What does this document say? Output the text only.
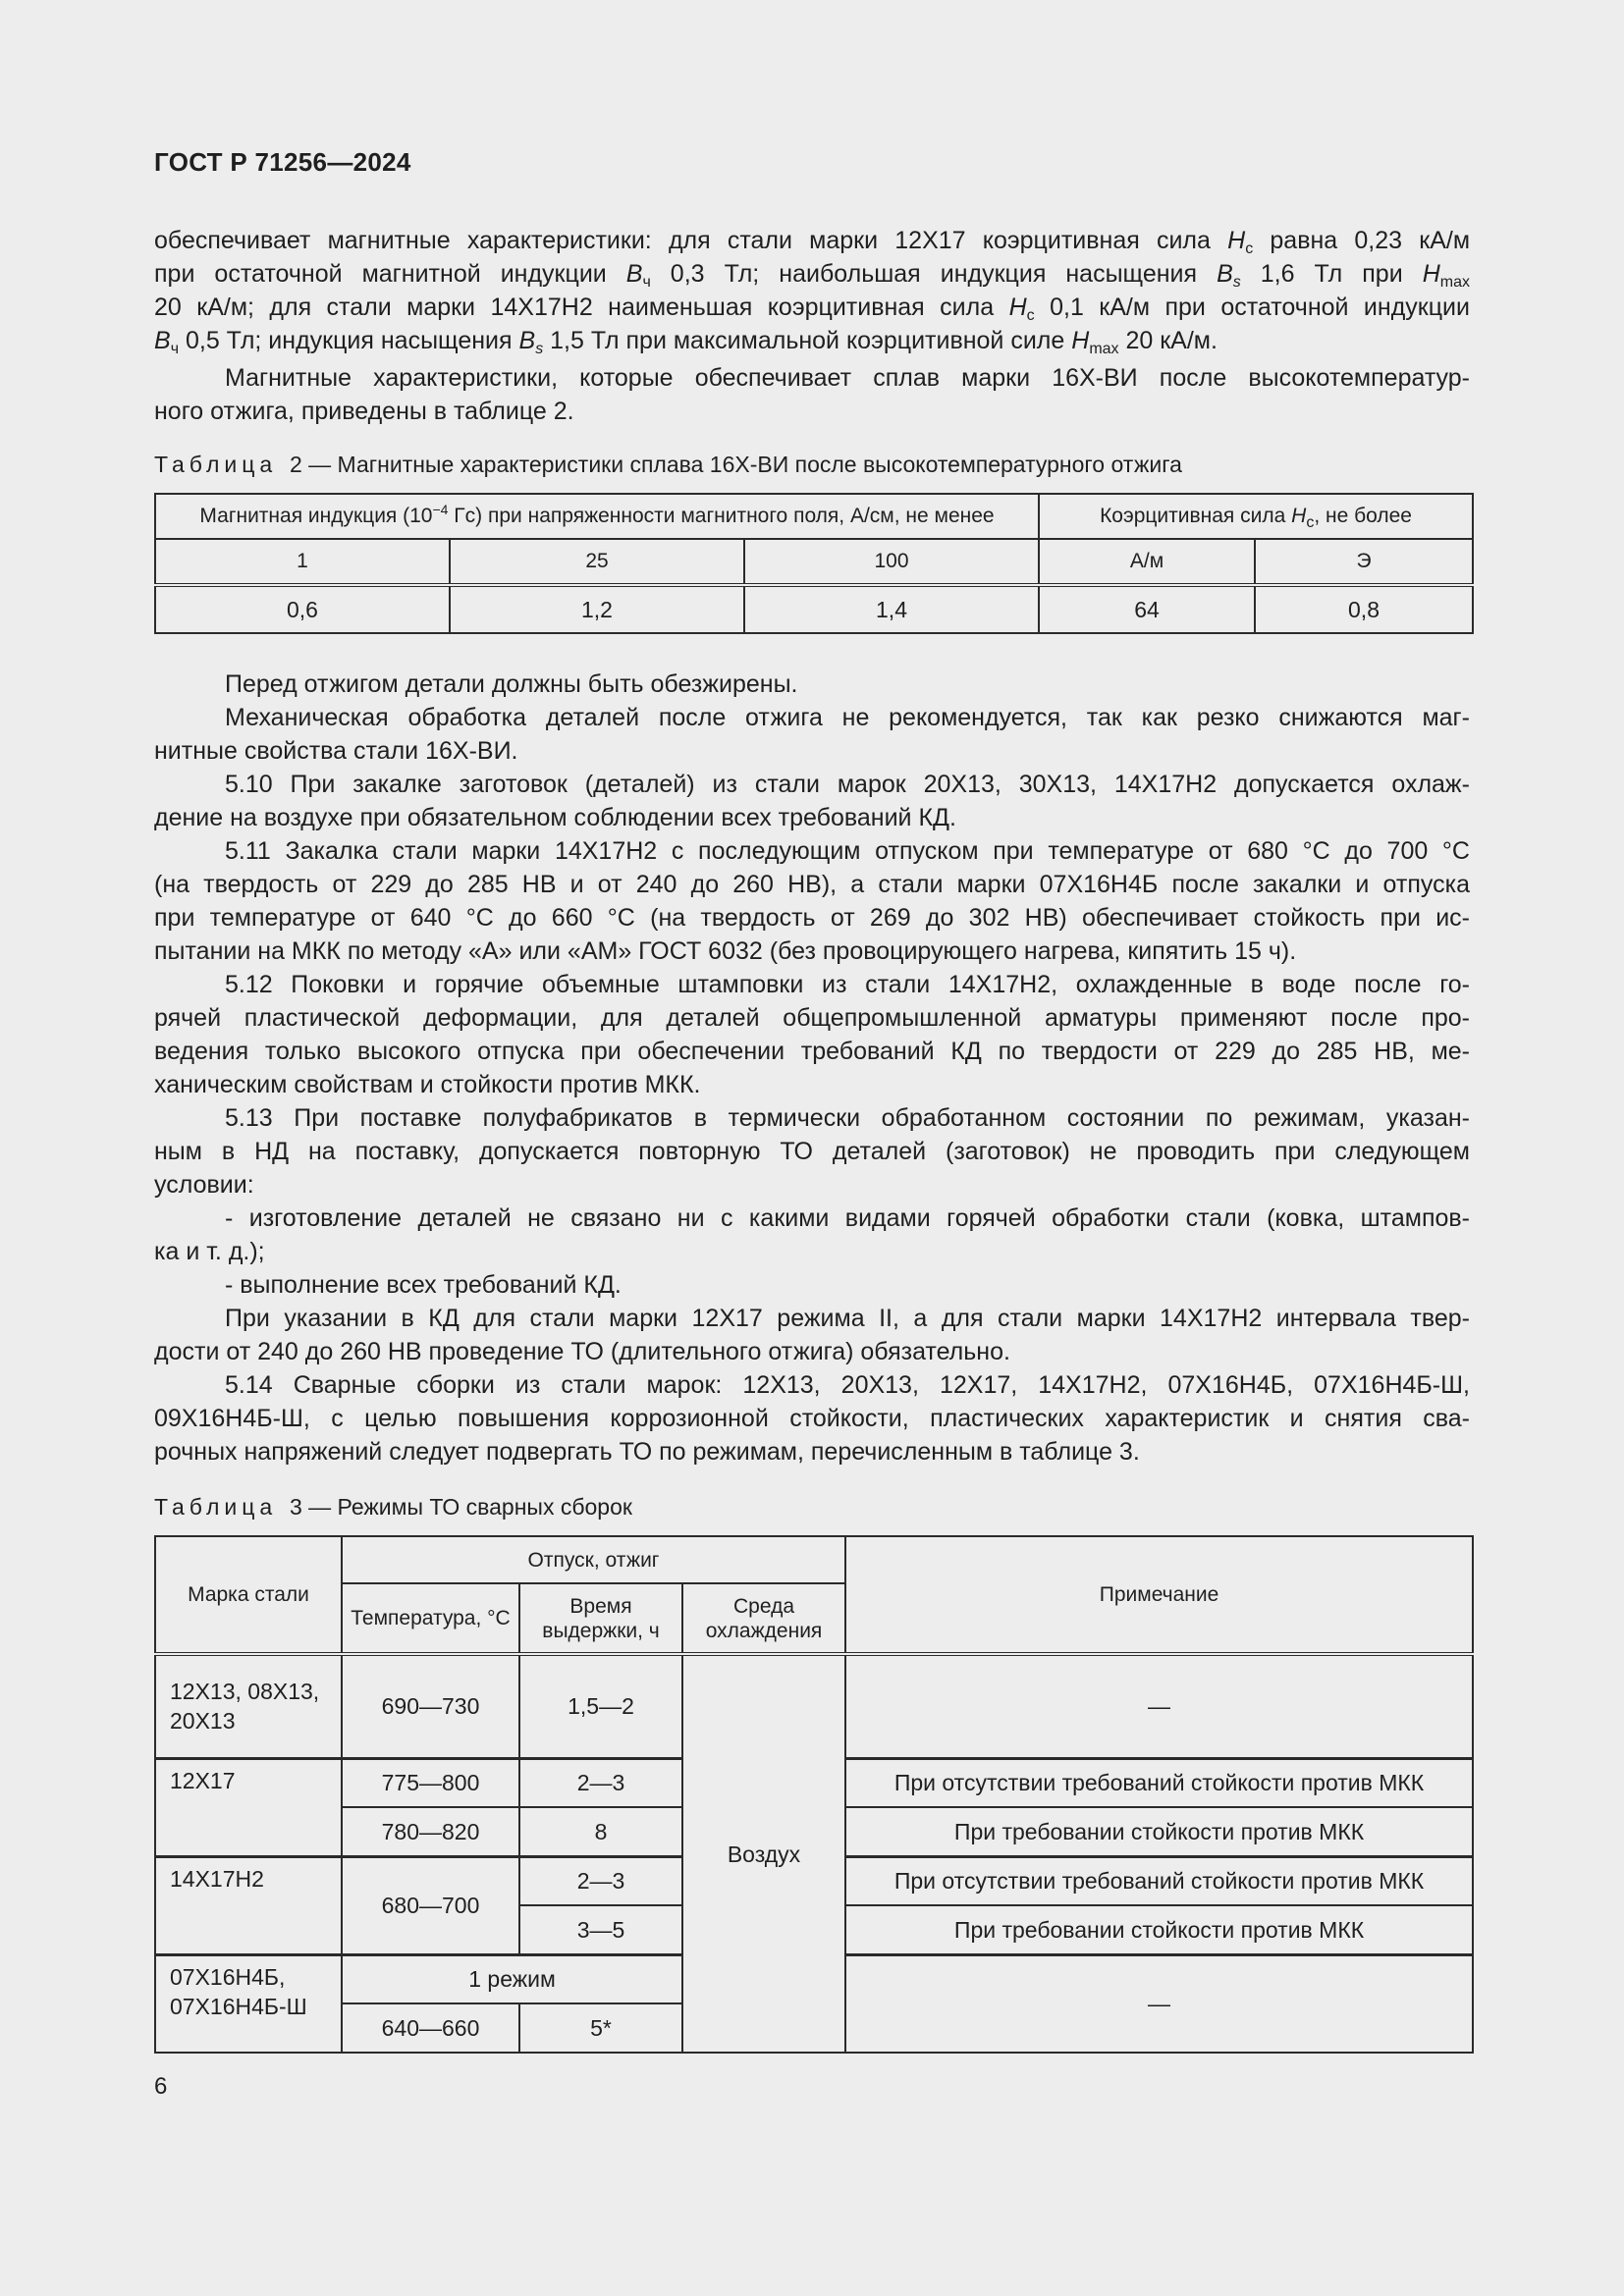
ГОСТ Р 71256—2024
обеспечивает магнитные характеристики: для стали марки 12Х17 коэрцитивная сила $H_c$ равна 0,23 кА/м
при остаточной магнитной индукции $B_ч$ 0,3 Тл; наибольшая индукция насыщения $B_s$ 1,6 Тл при $H_{max}$
20 кА/м; для стали марки 14Х17Н2 наименьшая коэрцитивная сила $H_c$ 0,1 кА/м при остаточной индукции
$B_ч$ 0,5 Тл; индукция насыщения $B_s$ 1,5 Тл при максимальной коэрцитивной силе $H_{max}$ 20 кА/м.
Магнитные характеристики, которые обеспечивает сплав марки 16Х-ВИ после высокотемператур-
ного отжига, приведены в таблице 2.
Таблица 2 — Магнитные характеристики сплава 16Х-ВИ после высокотемпературного отжига
Магнитная индукция ($10^{-4}$ Гс) при напряженности магнитного поля, А/см, не менее			Коэрцитивная сила $H_c$, не более	
1	25	100	А/м	Э
0,6	1,2	1,4	64	0,8
Перед отжигом детали должны быть обезжирены.
Механическая обработка деталей после отжига не рекомендуется, так как резко снижаются маг-
нитные свойства стали 16Х-ВИ.
5.10 При закалке заготовок (деталей) из стали марок 20Х13, 30Х13, 14Х17Н2 допускается охлаж-
дение на воздухе при обязательном соблюдении всех требований КД.
5.11 Закалка стали марки 14Х17Н2 с последующим отпуском при температуре от 680 °С до 700 °С
(на твердость от 229 до 285 НВ и от 240 до 260 НВ), а стали марки 07Х16Н4Б после закалки и отпуска
при температуре от 640 °С до 660 °С (на твердость от 269 до 302 НВ) обеспечивает стойкость при ис-
пытании на МКК по методу «А» или «АМ» ГОСТ 6032 (без провоцирующего нагрева, кипятить 15 ч).
5.12 Поковки и горячие объемные штамповки из стали 14Х17Н2, охлажденные в воде после го-
рячей пластической деформации, для деталей общепромышленной арматуры применяют после про-
ведения только высокого отпуска при обеспечении требований КД по твердости от 229 до 285 НВ, ме-
ханическим свойствам и стойкости против МКК.
5.13 При поставке полуфабрикатов в термически обработанном состоянии по режимам, указан-
ным в НД на поставку, допускается повторную ТО деталей (заготовок) не проводить при следующем
условии:
- изготовление деталей не связано ни с какими видами горячей обработки стали (ковка, штампов-
ка и т. д.);
- выполнение всех требований КД.
При указании в КД для стали марки 12Х17 режима II, а для стали марки 14Х17Н2 интервала твер-
дости от 240 до 260 НВ проведение ТО (длительного отжига) обязательно.
5.14 Сварные сборки из стали марок: 12Х13, 20Х13, 12Х17, 14Х17Н2, 07Х16Н4Б, 07Х16Н4Б-Ш,
09Х16Н4Б-Ш, с целью повышения коррозионной стойкости, пластических характеристик и снятия сва-
рочных напряжений следует подвергать ТО по режимам, перечисленным в таблице 3.
Таблица 3 — Режимы ТО сварных сборок
Марка стали	Отпуск, отжиг			Примечание
	Температура, °С	Время выдержки, ч	Среда охлаждения	
12Х13, 08Х13, 20Х13	690—730	1,5—2	Воздух	—
12Х17	775—800	2—3		При отсутствии требований стойкости против МКК
	780—820	8		При требовании стойкости против МКК
14Х17Н2	680—700	2—3		При отсутствии требований стойкости против МКК
		3—5		При требовании стойкости против МКК
07Х16Н4Б, 07Х16Н4Б-Ш	1 режим			—
	640—660	5*		
6
